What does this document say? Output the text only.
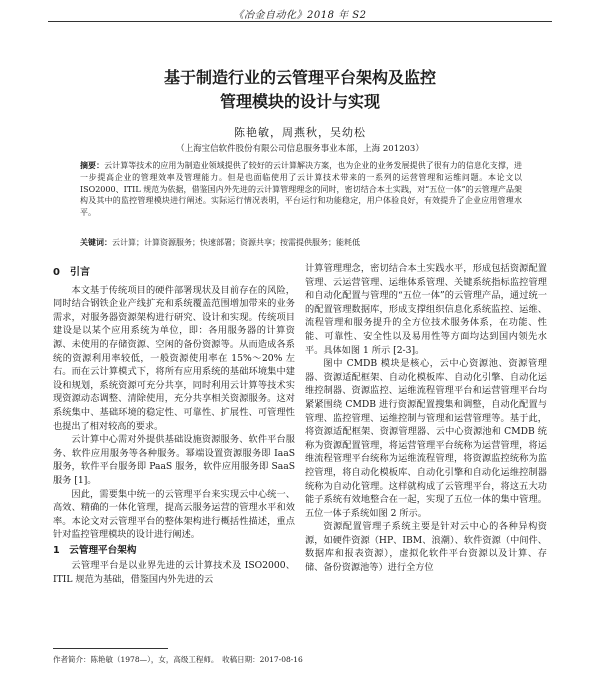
《冶金自动化》2018 年 S2
基于制造行业的云管理平台架构及监控
管理模块的设计与实现
陈艳敏，周燕秋，吴幼松
（上海宝信软件股份有限公司信息服务事业本部，上海 201203）
摘要：云计算等技术的应用为制造业领域提供了较好的云计算解决方案，也为企业的业务发展提供了很有力的信息化支撑，进一步提高企业的管理效率及管理能力。但是也面临使用了云计算技术带来的一系列的运营管理和运维问题。本论文以 ISO2000、ITIL 规范为依据，借鉴国内外先进的云计算管理理念的同时，密切结合本土实践，对“五位一体”的云管理产品架构及其中的监控管理模块进行阐述。实际运行情况表明，平台运行和功能稳定，用户体验良好，有效提升了企业应用管理水平。
关键词：云计算；计算资源服务；快速部署；资源共享；按需提供服务；能耗低
0　引言

本文基于传统项目的硬件部署现状及目前存在的风险，同时结合钢铁企业产线扩充和系统覆盖范围增加带来的业务需求，对服务器资源架构进行研究、设计和实现。传统项目建设是以某个应用系统为单位，即：各用服务器的计算资源、未使用的存储资源、空闲的备份资源等。从而造成各系统的资源利用率较低，一般资源使用率在 15%～20% 左右。而在云计算模式下，将所有应用系统的基础环境集中建设和规划，系统资源可充分共享，同时利用云计算等技术实现资源动态调整、清除使用，充分共享相关资源服务。这对系统集中、基础环境的稳定性、可靠性、扩展性、可管理性也提出了相对较高的要求。

云计算中心需对外提供基础设施资源服务、软件平台服务、软件应用服务等各种服务。幂端设置资源服务即 IaaS 服务，软件平台服务即 PaaS 服务，软件应用服务即 SaaS 服务 [1]。

因此，需要集中统一的云管理平台来实现云中心统一、高效、精确的一体化管理，提高云服务运营的管理水平和效率。本论文对云管理平台的整体架构进行概括性描述，重点针对监控管理模块的设计进行阐述。

1　云管理平台架构

云管理平台是以业界先进的云计算技术及 ISO2000、ITIL 规范为基础，借鉴国内外先进的云

计算管理理念，密切结合本土实践水平，形成包括资源配置管理、云运营管理、运维体系管理、关键系统指标监控管理和自动化配置与管理的“五位一体”的云管理产品，通过统一的配置管理数据库，形成支撑组织信息化系统监控、运维、流程管理和服务提升的全方位技术服务体系，在功能、性能、可靠性、安全性以及易用性等方面均达到国内领先水平。具体如图 1 所示 [2-3]。

图中 CMDB 模块是核心，云中心资源池、资源管理器、资源适配框架、自动化模板库、自动化引擎、自动化运维控制器、资源监控、运维流程管理平台和运营管理平台均紧紧围绕 CMDB 进行资源配置搜集和调整，自动化配置与管理、监控管理、运维控制与管理和运营管理等。基于此，将资源适配框架、资源管理器、云中心资源池和 CMDB 统称为资源配置管理，将运营管理平台统称为运营管理，将运维流程管理平台统称为运维流程管理，将资源监控统称为监控管理，将自动化模板库、自动化引擎和自动化运维控制器统称为自动化管理。这样就构成了云管理平台，将这五大功能子系统有效地整合在一起，实现了五位一体的集中管理。五位一体子系统如图 2 所示。

资源配置管理子系统主要是针对云中心的各种异构资源，如硬件资源（HP、IBM、浪潮）、软件资源（中间件、数据库和报表资源），虚拟化软件平台资源以及计算、存储、备份资源池等）进行全方位

作者简介：陈艳敏（1978—），女，高级工程师。　收稿日期：2017-08-16
